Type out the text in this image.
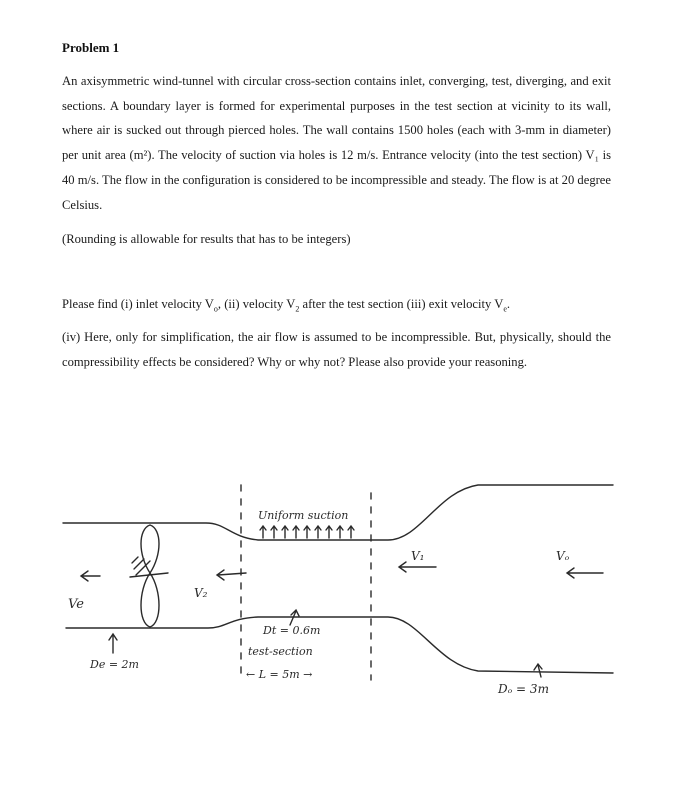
Problem 1

An axisymmetric wind-tunnel with circular cross-section contains inlet, converging, test, diverging, and exit sections. A boundary layer is formed for experimental purposes in the test section at vicinity to its wall, where air is sucked out through pierced holes. The wall contains 1500 holes (each with 3-mm in diameter) per unit area (m²). The velocity of suction via holes is 12 m/s. Entrance velocity (into the test section) V₁ is 40 m/s. The flow in the configuration is considered to be incompressible and steady. The flow is at 20 degree Celsius.

(Rounding is allowable for results that has to be integers)

Please find (i) inlet velocity $V_o$, (ii) velocity $V_2$ after the test section (iii) exit velocity $V_e$.

(iv) Here, only for simplification, the air flow is assumed to be incompressible. But, physically, should the compressibility effects be considered? Why or why not? Please also provide your reasoning.

Uniform suction
V₁	Vₒ
V₂
Ve
Dt = 0.6m
test-section
← L = 5m →
De = 2m
Dₒ = 3m
